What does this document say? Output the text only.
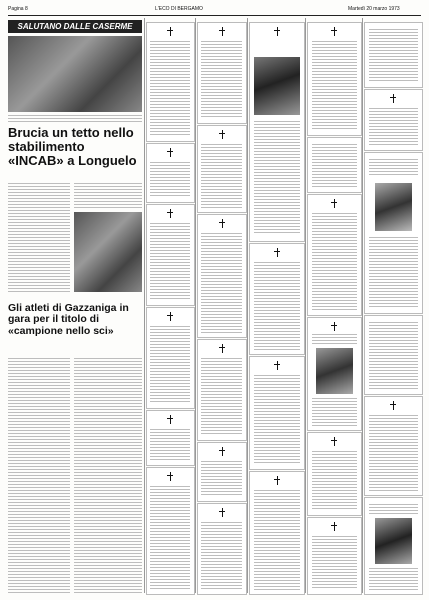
Pagina 8	L'ECO DI BERGAMO	Martedì 20 marzo 1973
SALUTANO DALLE CASERME
Brucia un tetto nello stabilimento «INCAB» a Longuelo
Gli atleti di Gazzaniga in gara per il titolo di «campione nello sci»
